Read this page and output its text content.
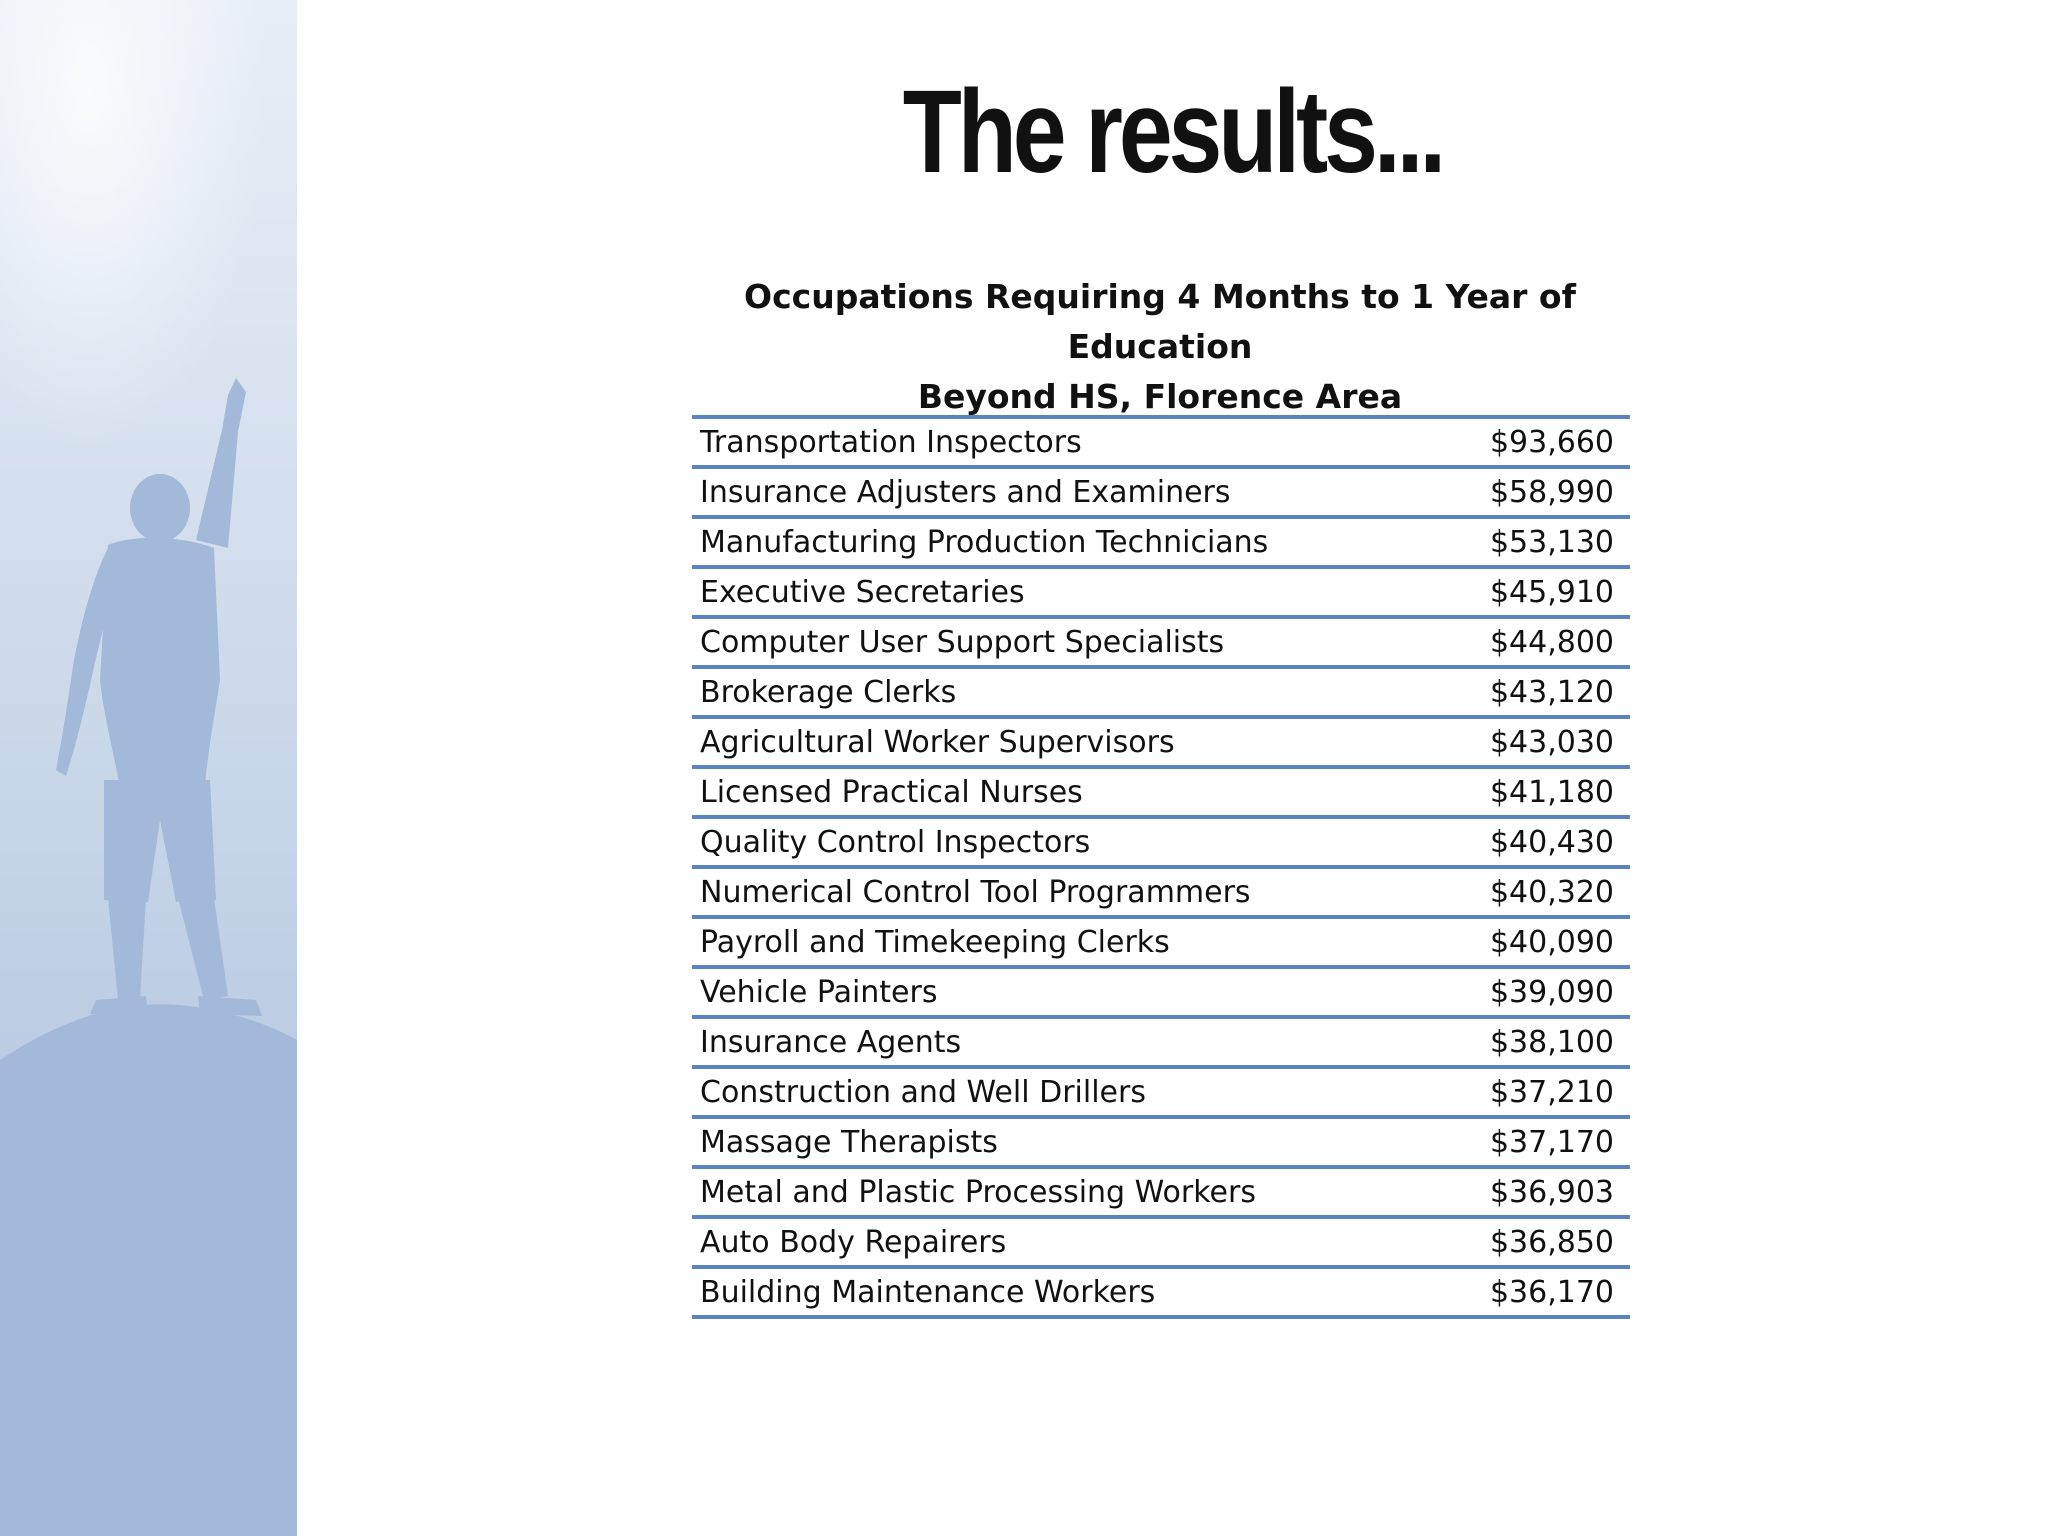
The results...
Occupations Requiring 4 Months to 1 Year of Education
Beyond HS, Florence Area
Transportation Inspectors	$93,660
Insurance Adjusters and Examiners	$58,990
Manufacturing Production Technicians	$53,130
Executive Secretaries	$45,910
Computer User Support Specialists	$44,800
Brokerage Clerks	$43,120
Agricultural Worker Supervisors	$43,030
Licensed Practical Nurses	$41,180
Quality Control Inspectors	$40,430
Numerical Control Tool Programmers	$40,320
Payroll and Timekeeping Clerks	$40,090
Vehicle Painters	$39,090
Insurance Agents	$38,100
Construction and Well Drillers	$37,210
Massage Therapists	$37,170
Metal and Plastic Processing Workers	$36,903
Auto Body Repairers	$36,850
Building Maintenance Workers	$36,170
